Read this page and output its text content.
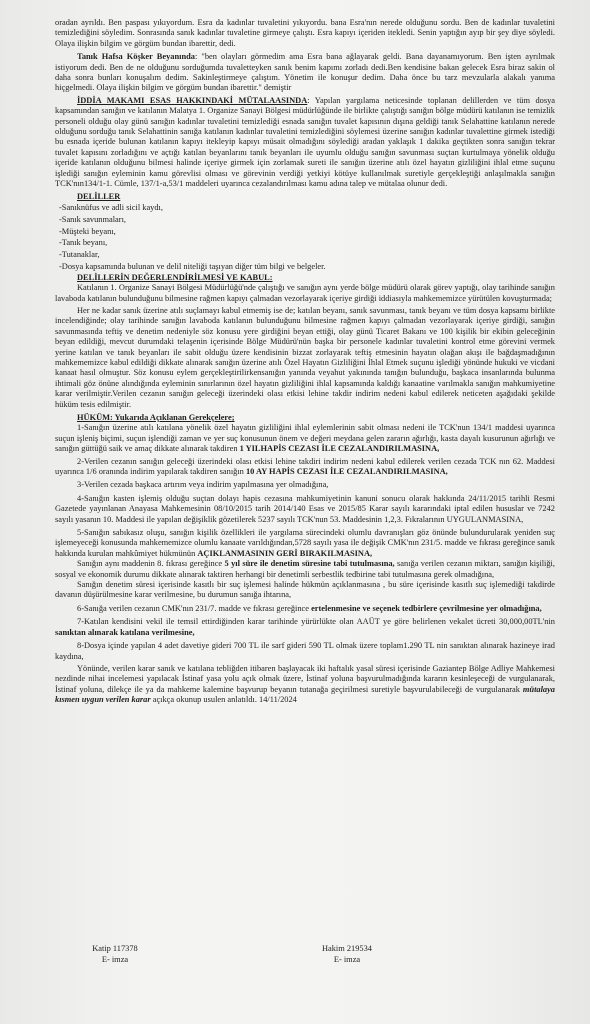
oradan ayrıldı. Ben paspası yıkıyordum. Esra da kadınlar tuvaletini yıkıyordu. bana Esra'nın nerede olduğunu sordu. Ben de kadınlar tuvaletini temizlediğini söyledim. Sonrasında sanık kadınlar tuvaletine girmeye çalıştı. Esra kapıyı içeriden itekledi. Senin yaptığın ayıp bir şey diye söyledi. Olaya ilişkin bilgim ve görgüm bundan ibarettir, dedi.

Tanık Hafsa Köşker Beyanında: "ben olayları görmedim ama Esra bana ağlayarak geldi. Bana dayanamıyorum. Ben işten ayrılmak istiyorum dedi. Ben de ne olduğunu sorduğumda tuvaletteyken sanık benim kapımı zorladı dedi.Ben kendisine bakan gelecek Esra biraz sakin ol daha sonra bunları konuşalım dedim. Sakinleştirmeye çalıştım. Yönetim ile konuşur dedim. Daha önce bu tarz mevzularla alakalı yanıma hiçgelmedi. Olaya ilişkin bilgim ve görgüm bundan ibarettir." demiştir

İDDİA MAKAMI ESAS HAKKINDAKİ MÜTALAASINDA: Yapılan yargılama neticesinde toplanan delillerden ve tüm dosya kapsamından sanığın ve katılanın Malatya 1. Organize Sanayi Bölgesi müdürlüğünde ile birlikte çalıştığı sanığın bölge müdürü katılanın ise temizlik personeli olduğu olay günü sanığın kadınlar tuvaletini temizlediği esnada sanığın tuvalet kapısının dışına geldiği tanık Selahattine katılanın nerede olduğunu sorduğu tanık Selahattinin sanığa katılanın kadınlar tuvaletini temizlediğini söylemesi üzerine sanığın kadınlar tuvalettine girmek istediği bu esnada içeride bulunan katılanın kapıyı itekleyip kapıyı müsait olmadığını söylediği aradan yaklaşık 1 dakika geçtikten sonra sanığın tekrar tuvalet kapısını zorladığını ve açtığı katılan beyanlarını tanık beyanları ile uyumlu olduğu sanığın savunması suçtan kurtulmaya yönelik olduğu içeride katılanın olduğunu bilmesi halinde içeriye girmek için zorlamak sureti ile sanığın üzerine atılı özel hayatın gizliliğini ihlal etme suçunu işlediği sanığın eyleminin kamu görevlisi olması ve görevinin verdiği yetkiyi kötüye kullanılmak suretiyle gerçekleştiği anlaşılmakla sanığın TCK'nın134/1-1. Cümle, 137/1-a,53/1 maddeleri uyarınca cezalandırılması kamu adına talep ve mütalaa olunur dedi.

DELİLLER

-Sanıknüfus ve adli sicil kaydı,
-Sanık savunmaları,
-Müşteki beyanı,
-Tanık beyanı,
-Tutanaklar,
-Dosya kapsamında bulunan ve delil niteliği taşıyan diğer tüm bilgi ve belgeler.

DELİLLERİN DEĞERLENDİRİLMESİ VE KABUL:

Katılanın 1. Organize Sanayi Bölgesi Müdürlüğü'nde çalıştığı ve sanığın aynı yerde bölge müdürü olarak görev yaptığı, olay tarihinde sanığın lavaboda katılanın bulunduğunu bilmesine rağmen kapıyı çalmadan vezorlayarak içeriye girdiği iddiasıyla mahkememizce yürütülen kovuşturmada;

Her ne kadar sanık üzerine atılı suçlamayı kabul etmemiş ise de; katılan beyanı, sanık savunması, tanık beyanı ve tüm dosya kapsamı birlikte incelendiğinde; olay tarihinde sanığın lavaboda katılanın bulunduğunu bilmesine rağmen kapıyı çalmadan vezorlayarak içeriye girdiği, sanığın savunmasında teftiş ve denetim nedeniyle söz konusu yere girdiğini beyan ettiği, olay günü Ticaret Bakanı ve 100 kişilik bir ekibin geleceğinin beyan edildiği, mevcut durumdaki telaşenin içerisinde Bölge Müdürü'nün başka bir personele kadınlar tuvaletini kontrol etme görevini vermek yerine katılan ve tanık beyanları ile sabit olduğu üzere kendisinin bizzat zorlayarak teftiş etmesinin hayatın olağan akışı ile bağdaşmadığının mahkememizce kabul edildiği dikkate alınarak sanığın üzerine atılı Özel Hayatın Gizliliğini İhlal Etmek suçunu işlediği yönünde hukuki ve vicdani kanaat hasıl olmuştur. Söz konusu eylem gerçekleştirilirkensanığın yanında veyahut yakınında tanığın bulunduğu, başkaca insanlarında bulunma ihtimali göz önüne alındığında eyleminin sınırlarının özel hayatın gizliliğini ihlal kapsamında kaldığı kanaatine varılmakla sanığın mahkumiyetine karar verilmiştir.Verilen cezanın sanığın geleceği üzerindeki olası etkisi lehine takdir indirim nedeni kabul edilerek neticeten aşağıdaki şekilde hüküm tesis edilmiştir.

HÜKÜM: Yukarıda Açıklanan Gerekçelere;

1-Sanığın üzerine atılı katılana yönelik özel hayatın gizliliğini ihlal eylemlerinin sabit olması nedeni ile TCK'nun 134/1 maddesi uyarınca suçun işleniş biçimi, suçun işlendiği zaman ve yer suç konusunun önem ve değeri meydana gelen zararın ağırlığı, kasta dayalı kusurunun ağırlığı ve sanığın güttüğü saik ve amaç dikkate alınarak takdiren 1 YILHAPİS CEZASI İLE CEZALANDIRILMASINA,

2-Verilen cezanın sanığın geleceği üzerindeki olası etkisi lehine takdiri indirim nedeni kabul edilerek verilen cezada TCK nın 62. Maddesi uyarınca 1/6 oranında indirim yapılarak takdiren sanığın 10 AY HAPİS CEZASI İLE CEZALANDIRILMASINA,

3-Verilen cezada başkaca artırım veya indirim yapılmasına yer olmadığına,

4-Sanığın kasten işlemiş olduğu suçtan dolayı hapis cezasına mahkumiyetinin kanuni sonucu olarak hakkında 24/11/2015 tarihli Resmi Gazetede yayınlanan Anayasa Mahkemesinin 08/10/2015 tarih 2014/140 Esas ve 2015/85 Karar sayılı kararındaki iptal edilen hususlar ve 7242 sayılı yasanın 10. Maddesi ile yapılan değişiklik gözetilerek 5237 sayılı TCK'nun 53. Maddesinin 1,2,3. Fıkralarının UYGULANMASINA,

5-Sanığın sabıkasız oluşu, sanığın kişilik özellikleri ile yargılama sürecindeki olumlu davranışları göz önünde bulundurularak yeniden suç işlemeyeceği konusunda mahkememizce olumlu kanaate varıldığından,5728 sayılı yasa ile değişik CMK'nın 231/5. madde ve fıkrası gereğince sanık hakkında kurulan mahkûmiyet hükmünün AÇIKLANMASININ GERİ BIRAKILMASINA,

Sanığın aynı maddenin 8. fıkrası gereğince 5 yıl süre ile denetim süresine tabi tutulmasına, sanığa verilen cezanın miktarı, sanığın kişiliği, sosyal ve ekonomik durumu dikkate alınarak taktiren herhangi bir denetimli serbestlik tedbirine tabi tutulmasına gerek olmadığına,

Sanığın denetim süresi içerisinde kasıtlı bir suç işlemesi halinde hükmün açıklanmasına , bu süre içerisinde kasıtlı suç işlemediği takdirde davanın düşürülmesine karar verilmesine, bu durumun sanığa ihtarına,

6-Sanığa verilen cezanın CMK'nın 231/7. madde ve fıkrası gereğince ertelenmesine ve seçenek tedbirlere çevrilmesine yer olmadığına,

7-Katılan kendisini vekil ile temsil ettirdiğinden karar tarihinde yürürlükte olan AAÜT ye göre belirlenen vekalet ücreti 30,000,00TL'nin sanıktan alınarak katılana verilmesine,

8-Dosya içinde yapılan 4 adet davetiye gideri 700 TL ile sarf gideri 590 TL olmak üzere toplam1.290 TL nin sanıktan alınarak hazineye irad kaydına,

Yönünde, verilen karar sanık ve katılana tebliğden itibaren başlayacak iki haftalık yasal süresi içerisinde Gaziantep Bölge Adliye Mahkemesi nezdinde nihai incelemesi yapılacak İstinaf yasa yolu açık olmak üzere, İstinaf yoluna başvurulmadığında kararın kesinleşeceği de vurgulanarak, İstinaf yoluna, dilekçe ile ya da mahkeme kalemine başvurup beyanın tutanağa geçirilmesi suretiyle başvurulabileceği de vurgulanarak mütalaya kısmen uygun verilen karar açıkça okunup usulen anlatıldı. 14/11/2024

Katip 117378
E- imza
Hakim 219534
E- imza
